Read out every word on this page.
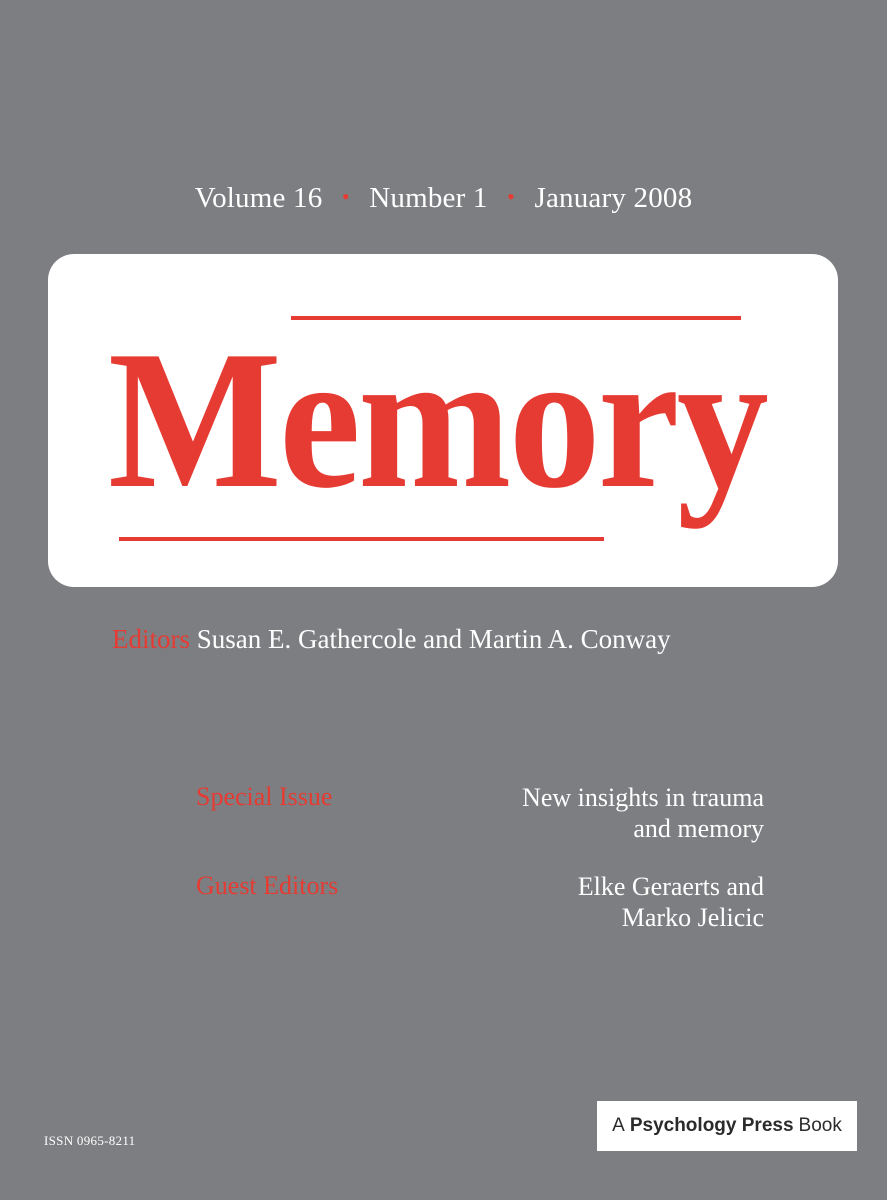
Volume 16 • Number 1 • January 2008
Memory
Editors Susan E. Gathercole and Martin A. Conway
Special Issue	New insights in trauma
and memory
Guest Editors	Elke Geraerts and
Marko Jelicic
ISSN 0965-8211
A Psychology Press Book
